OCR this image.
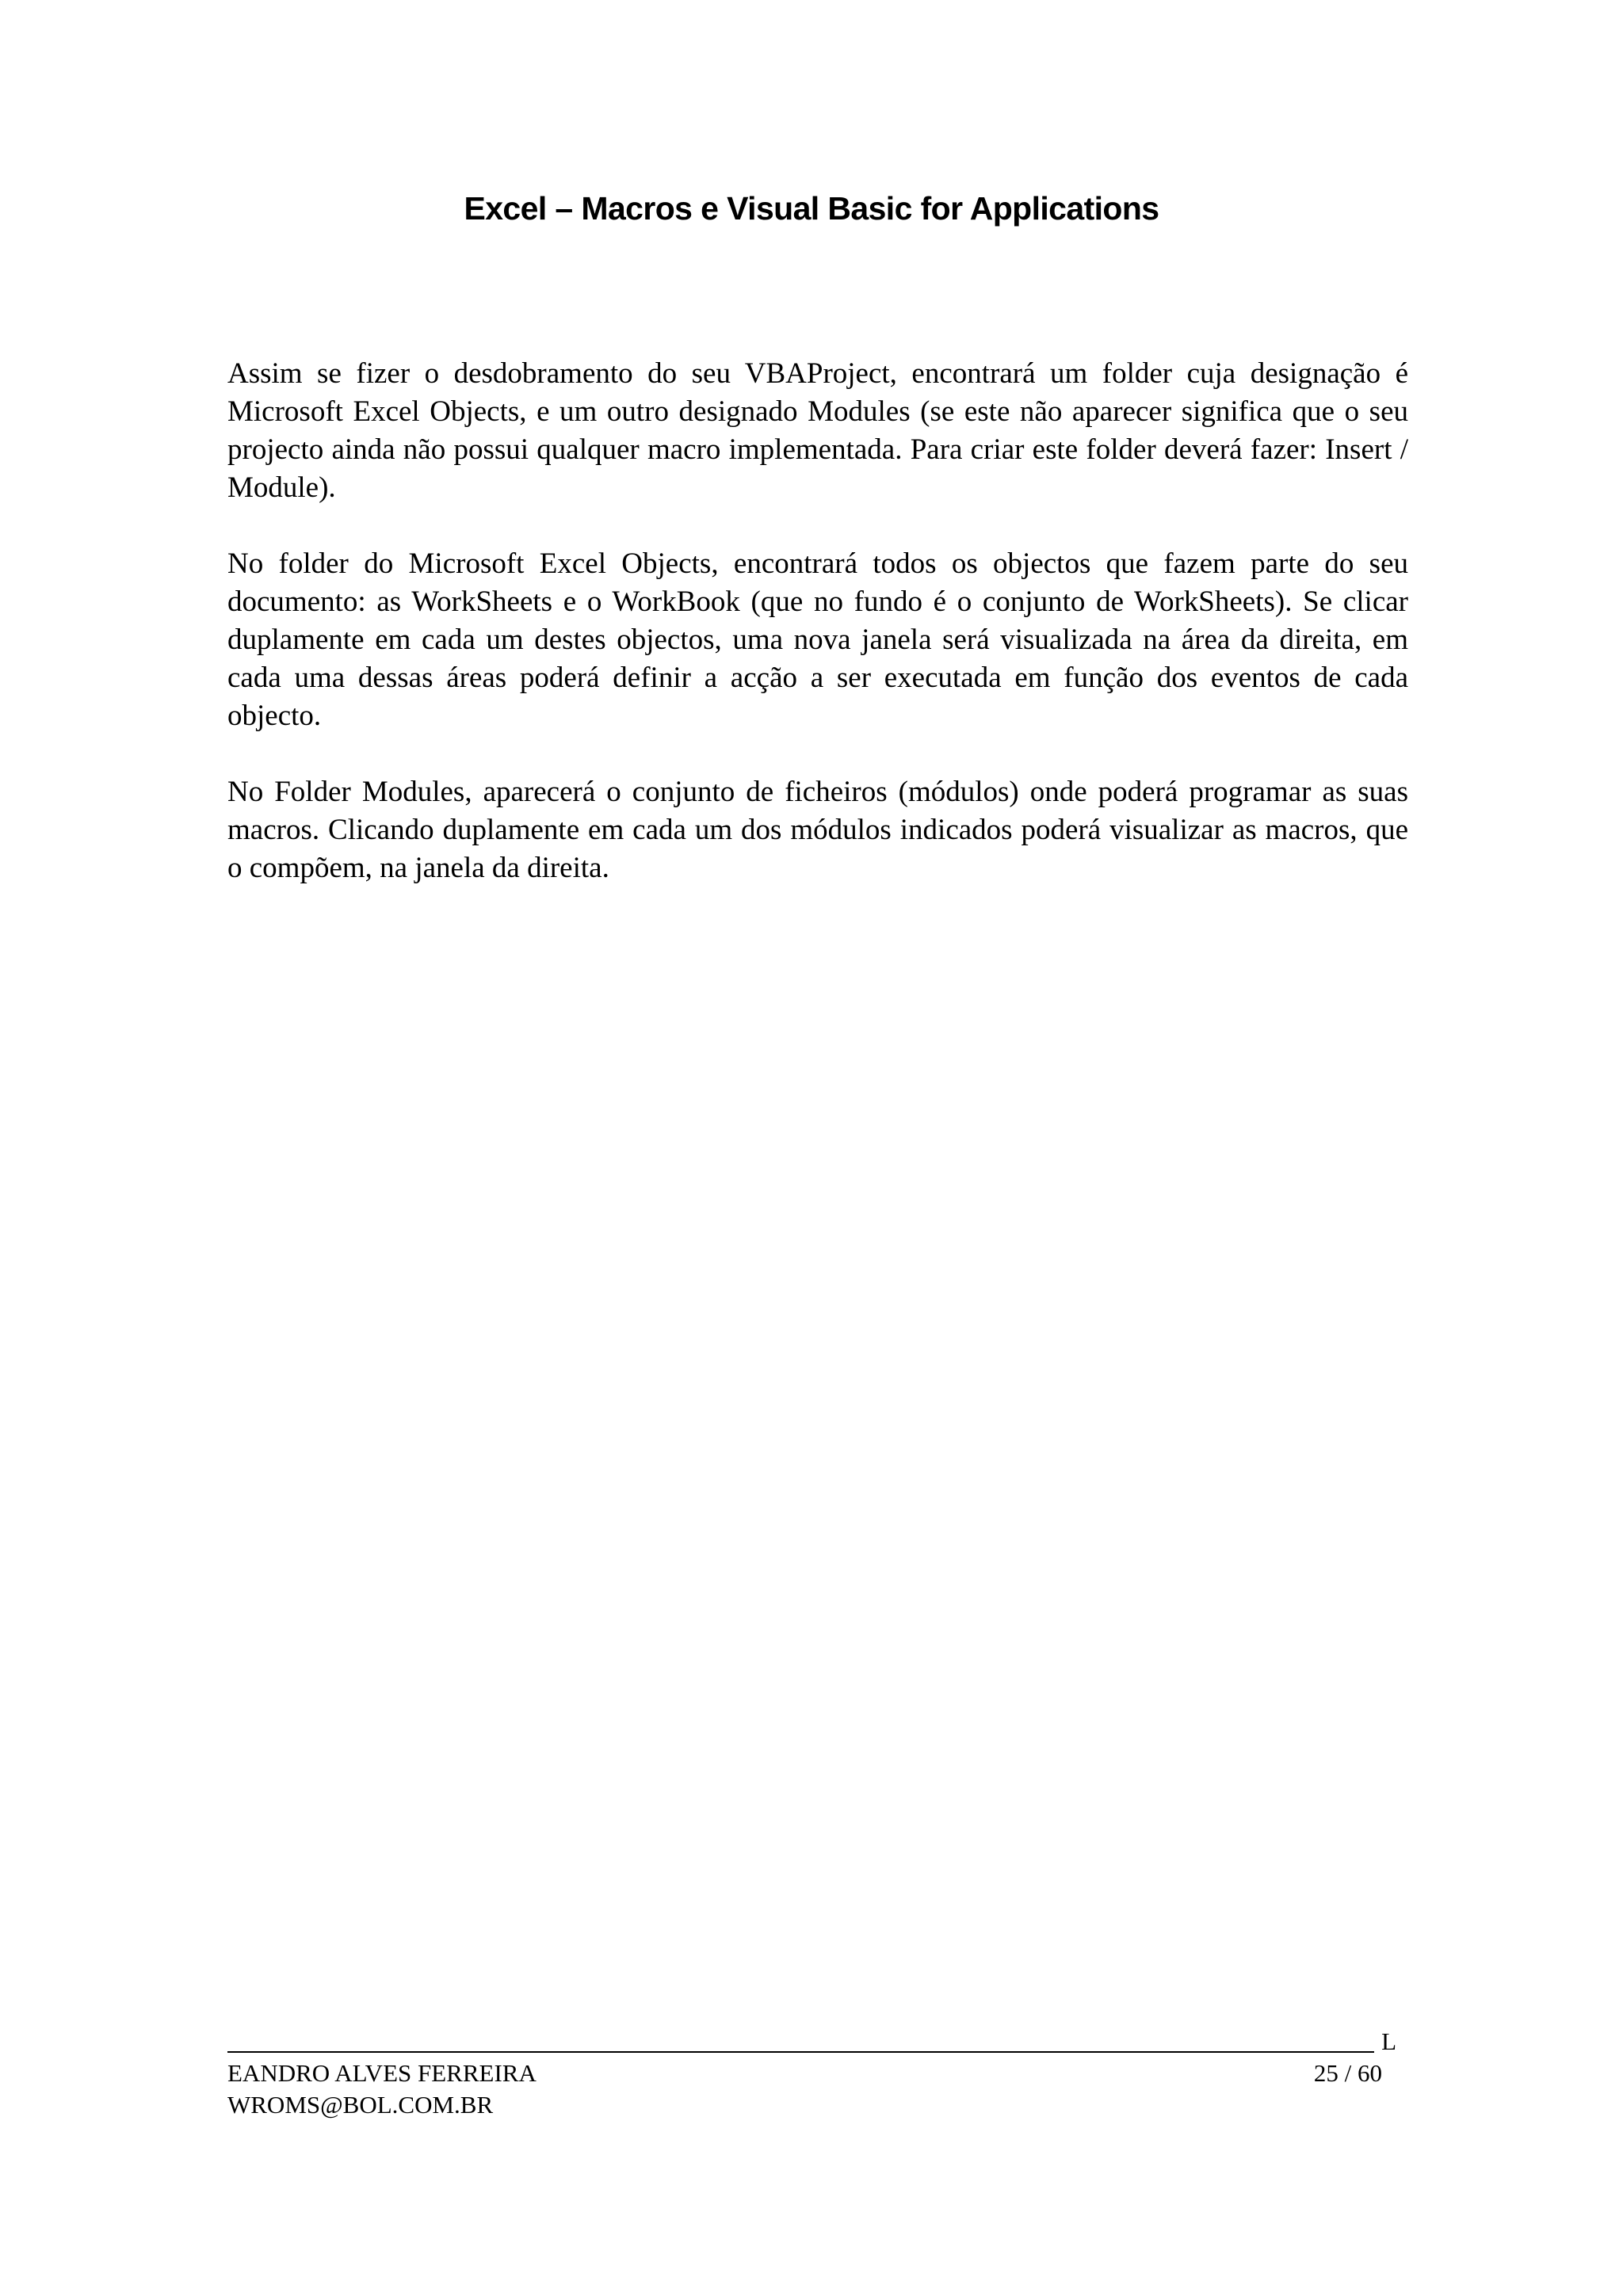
Excel – Macros e Visual Basic for Applications

Assim se fizer o desdobramento do seu VBAProject, encontrará um folder cuja designação é Microsoft Excel Objects, e um outro designado Modules (se este não aparecer significa que o seu projecto ainda não possui qualquer macro implementada. Para criar este folder deverá fazer: Insert / Module).

No folder do Microsoft Excel Objects, encontrará todos os objectos que fazem parte do seu documento: as WorkSheets e o WorkBook (que no fundo é o conjunto de WorkSheets). Se clicar duplamente em cada um destes objectos, uma nova janela será visualizada na área da direita, em cada uma dessas áreas poderá definir a acção a ser executada em função dos eventos de cada objecto.

No Folder Modules, aparecerá o conjunto de ficheiros (módulos) onde poderá programar as suas macros. Clicando duplamente em cada um dos módulos indicados poderá visualizar as macros, que o compõem, na janela da direita.

L
EANDRO ALVES FERREIRA	25 / 60
WROMS@BOL.COM.BR
